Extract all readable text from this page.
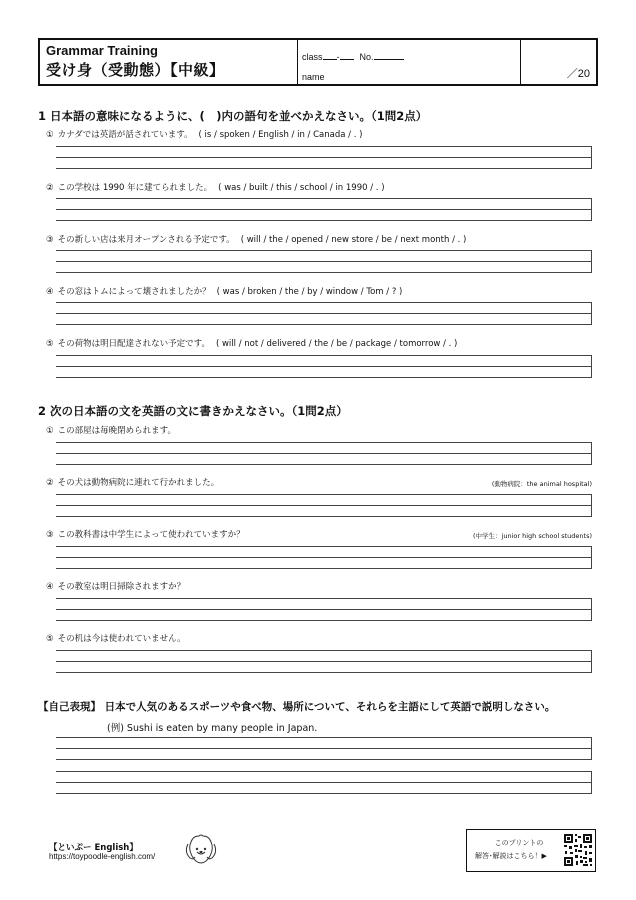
Grammar Training
受け身（受動態）【中級】
class - No.
name	／20
1 日本語の意味になるように、(　)内の語句を並べかえなさい。（1問2点）
① カナダでは英語が話されています。 ( is / spoken / English / in / Canada / . )
② この学校は 1990 年に建てられました。 ( was / built / this / school / in 1990 / . )
③ その新しい店は来月オープンされる予定です。 ( will / the / opened / new store / be / next month / . )
④ その窓はトムによって壊されましたか？ ( was / broken / the / by / window / Tom / ? )
⑤ その荷物は明日配達されない予定です。 ( will / not / delivered / the / be / package / tomorrow / . )
2 次の日本語の文を英語の文に書きかえなさい。（1問2点）
① この部屋は毎晩閉められます。
② その犬は動物病院に連れて行かれました。	(動物病院：the animal hospital)
③ この教科書は中学生によって使われていますか？	(中学生：junior high school students)
④ その教室は明日掃除されますか？
⑤ その机は今は使われていません。
【自己表現】 日本で人気のあるスポーツや食べ物、場所について、それらを主語にして英語で説明しなさい。
(例) Sushi is eaten by many people in Japan.
【といぷー English】
https://toypoodle-english.com/
このプリントの
解答･解説はこちら！▶
